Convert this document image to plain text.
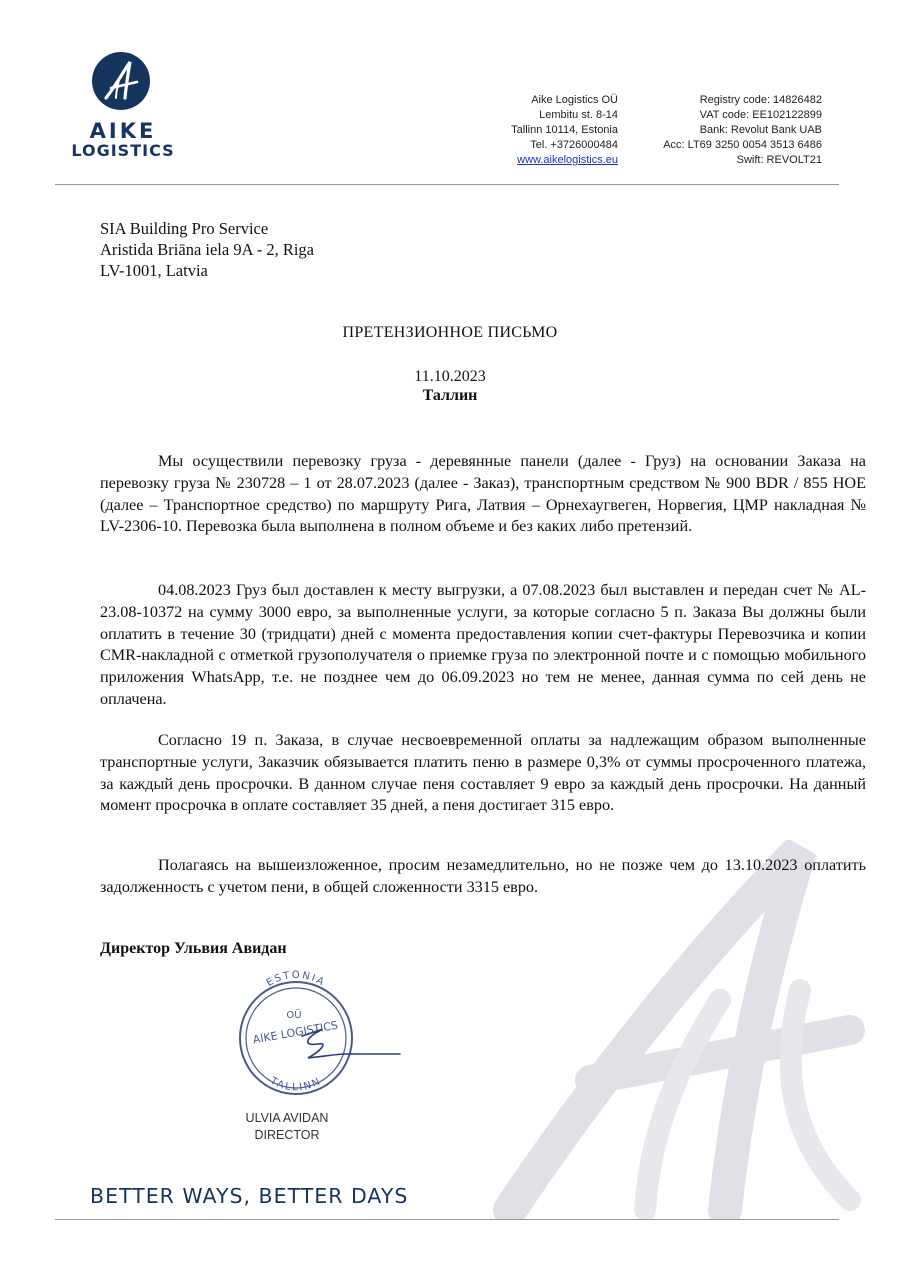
AIKE
LOGISTICS
Aike Logistics OÜ
Lembitu st. 8-14
Tallinn 10114, Estonia
Tel. +3726000484
www.aikelogistics.eu
Registry code: 14826482
VAT code: EE102122899
Bank: Revolut Bank UAB
Acc: LT69 3250 0054 3513 6486
Swift: REVOLT21
SIA Building Pro Service
Aristida Briāna iela 9A - 2, Riga
LV-1001, Latvia
ПРЕТЕНЗИОННОЕ ПИСЬМО
11.10.2023
Таллин
Мы осуществили перевозку груза - деревянные панели (далее - Груз) на основании Заказа на перевозку груза № 230728 – 1 от 28.07.2023 (далее - Заказ), транспортным средством № 900 BDR / 855 HOE (далее – Транспортное средство) по маршруту Рига, Латвия – Орнехаугвеген, Норвегия, ЦМР накладная № LV-2306-10. Перевозка была выполнена в полном объеме и без каких либо претензий.
04.08.2023 Груз был доставлен к месту выгрузки, а 07.08.2023 был выставлен и передан счет № AL-23.08-10372 на сумму 3000 евро, за выполненные услуги, за которые согласно 5 п. Заказа Вы должны были оплатить в течение 30 (тридцати) дней с момента предоставления копии счет-фактуры Перевозчика и копии CMR-накладной с отметкой грузополучателя о приемке груза по электронной почте и с помощью мобильного приложения WhatsApp, т.е. не позднее чем до 06.09.2023 но тем не менее, данная сумма по сей день не оплачена.
Согласно 19 п. Заказа, в случае несвоевременной оплаты за надлежащим образом выполненные транспортные услуги, Заказчик обязывается платить пеню в размере 0,3% от суммы просроченного платежа, за каждый день просрочки. В данном случае пеня составляет 9 евро за каждый день просрочки. На данный момент просрочка в оплате составляет 35 дней, а пеня достигает 315 евро.
Полагаясь на вышеизложенное, просим незамедлительно, но не позже чем до 13.10.2023 оплатить задолженность с учетом пени, в общей сложенности 3315 евро.
Директор Ульвия Авидан
ESTONIA
TALLINN
OÜ
AIKE LOGISTICS
ULVIA AVIDAN
DIRECTOR
BETTER WAYS, BETTER DAYS
